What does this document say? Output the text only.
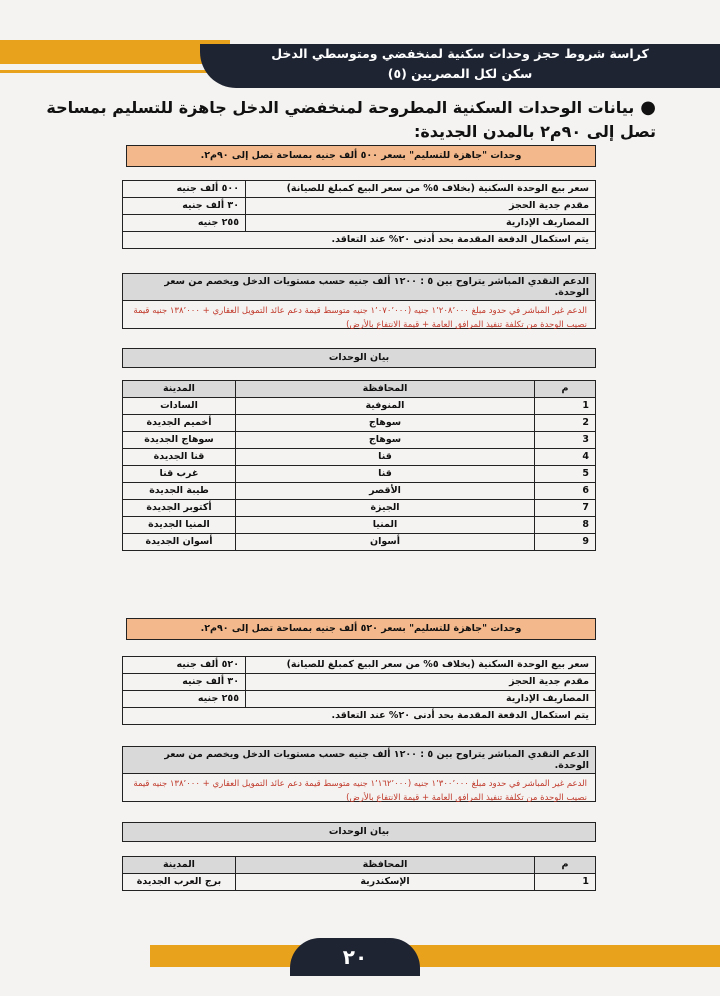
كراسة شروط حجز وحدات سكنية لمنخفضي ومتوسطي الدخل
سكن لكل المصريين (٥)
●بيانات الوحدات السكنية المطروحة لمنخفضي الدخل جاهزة للتسليم بمساحة تصل إلى ٩٠م٢ بالمدن الجديدة:
وحدات "جاهزة للتسليم" بسعر ٥٠٠ ألف جنيه بمساحة تصل إلى ٩٠م٢.
سعر بيع الوحدة السكنية (بخلاف ٥% من سعر البيع كمبلغ للصيانة)	٥٠٠ ألف جنيه
مقدم جدية الحجز	٣٠ ألف جنيه
المصاريف الإدارية	٢٥٥ جنيه
يتم استكمال الدفعة المقدمة بحد أدنى ٢٠% عند التعاقد.	
الدعم النقدي المباشر يتراوح بين ٥ : ١٢٠٠ ألف جنيه حسب مستويات الدخل ويخصم من سعر الوحدة.
الدعم غير المباشر في حدود مبلغ ١٬٢٠٨٬٠٠٠ جنيه (١٬٠٧٠٬٠٠٠ جنيه متوسط قيمة دعم عائد التمويل العقاري + ١٣٨٬٠٠٠ جنيه قيمة نصيب الوحدة من تكلفة تنفيذ المرافق العامة + قيمة الانتفاع بالأرض)
بيان الوحدات
م	المحافظة	المدينة
1	المنوفية	السادات
2	سوهاج	أخميم الجديدة
3	سوهاج	سوهاج الجديدة
4	قنا	قنا الجديدة
5	قنا	غرب قنا
6	الأقصر	طيبة الجديدة
7	الجيزة	أكتوبر الجديدة
8	المنيا	المنيا الجديدة
9	أسوان	أسوان الجديدة
وحدات "جاهزة للتسليم" بسعر ٥٢٠ ألف جنيه بمساحة تصل إلى ٩٠م٢.
سعر بيع الوحدة السكنية (بخلاف ٥% من سعر البيع كمبلغ للصيانة)	٥٢٠ ألف جنيه
مقدم جدية الحجز	٣٠ ألف جنيه
المصاريف الإدارية	٢٥٥ جنيه
يتم استكمال الدفعة المقدمة بحد أدنى ٢٠% عند التعاقد.	
الدعم النقدي المباشر يتراوح بين ٥ : ١٢٠٠ ألف جنيه حسب مستويات الدخل ويخصم من سعر الوحدة.
الدعم غير المباشر في حدود مبلغ ١٬٣٠٠٬٠٠٠ جنيه (١٬١٦٢٬٠٠٠ جنيه متوسط قيمة دعم عائد التمويل العقاري + ١٣٨٬٠٠٠ جنيه قيمة نصيب الوحدة من تكلفة تنفيذ المرافق العامة + قيمة الانتفاع بالأرض)
بيان الوحدات
م	المحافظة	المدينة
1	الإسكندرية	برج العرب الجديدة
٢٠
